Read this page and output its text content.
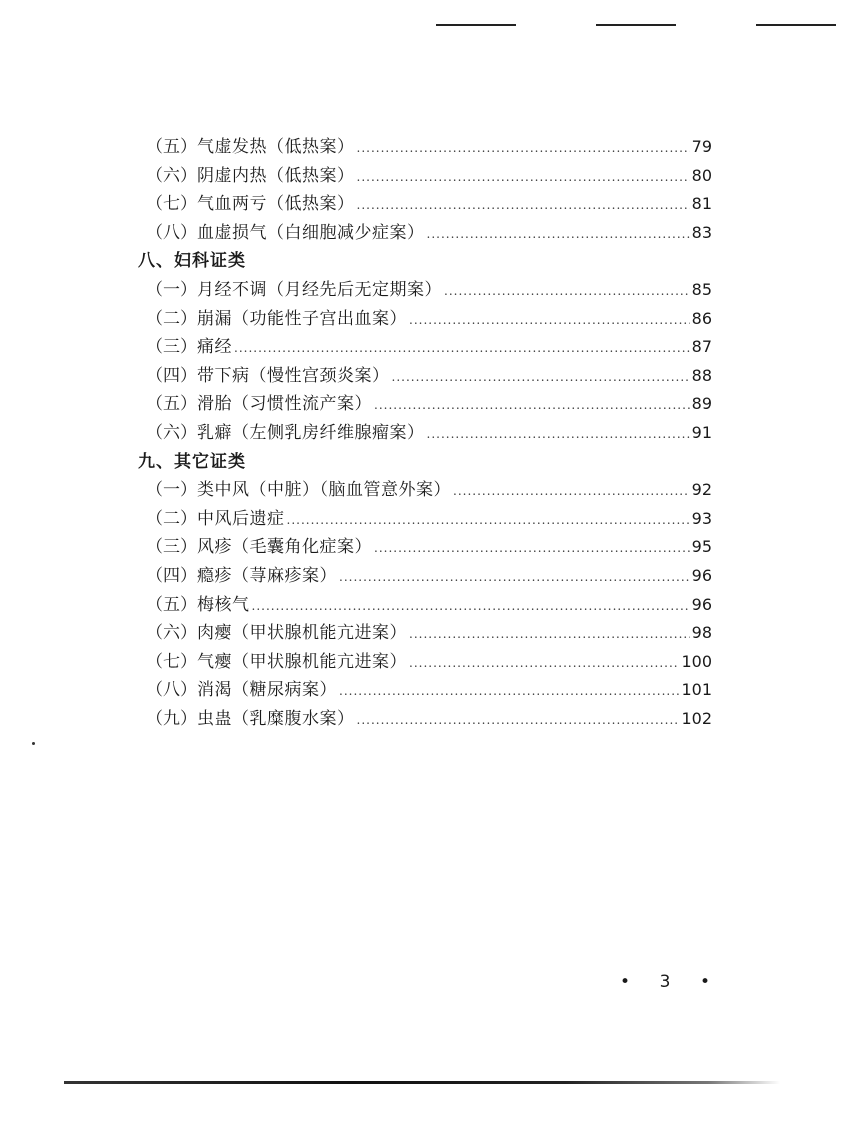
（五） 气虚发热（低热案） .....	79
（六） 阴虚内热（低热案） .....	80
（七） 气血两亏（低热案） .....	81
（八） 血虚损气（白细胞减少症案） .....	83
八、妇科证类
（一） 月经不调（月经先后无定期案） .....	85
（二） 崩漏（功能性子宫出血案） .....	86
（三） 痛经 .....	87
（四） 带下病（慢性宫颈炎案） .....	88
（五） 滑胎（习惯性流产案） .....	89
（六） 乳癖（左侧乳房纤维腺瘤案） .....	91
九、其它证类
（一） 类中风（中脏）（脑血管意外案） .....	92
（二） 中风后遗症 .....	93
（三） 风疹（毛囊角化症案） .....	95
（四） 瘾疹（荨麻疹案） .....	96
（五） 梅核气 .....	96
（六） 肉瘿（甲状腺机能亢进案） .....	98
（七） 气瘿（甲状腺机能亢进案） .....	100
（八） 消渴（糖尿病案） .....	101
（九） 虫蛊（乳糜腹水案） .....	102
• 3 •
